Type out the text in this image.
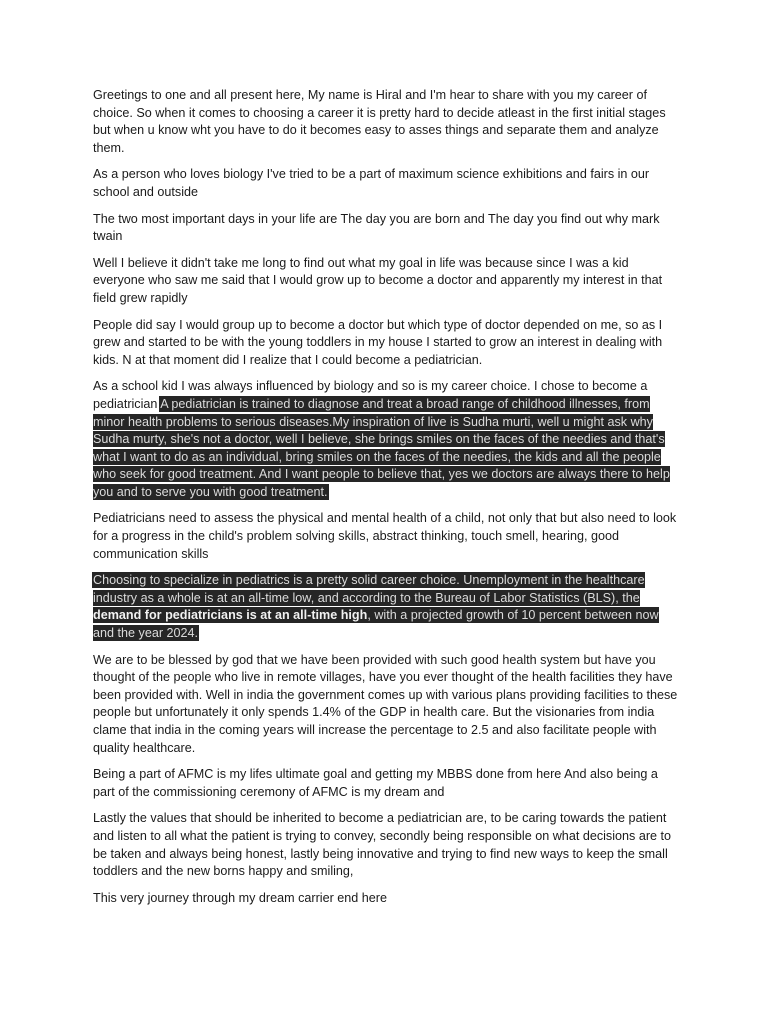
Greetings to one and all present here, My name is Hiral and I'm hear to share with you my career of choice. So when it comes to choosing a career it is pretty hard to decide atleast in the first initial stages but when u know wht you have to do it becomes easy to asses things and separate them and analyze them.

As a person who loves biology I've tried to be a part of maximum science exhibitions and fairs in our school and outside

The two most important days in your life are The day you are born and The day you find out why mark twain

Well I believe it didn't take me long to find out what my goal in life was because since I was a kid everyone who saw me said that I would grow up to become a doctor and apparently my interest in that field grew rapidly

People did say I would group up to become a doctor but which type of doctor depended on me, so as I grew and started to be with the young toddlers in my house I started to grow an interest in dealing with kids. N at that moment did I realize that I could become a pediatrician.

As a school kid I was always influenced by biology and so is my career choice. I chose to become a pediatrician A pediatrician is trained to diagnose and treat a broad range of childhood illnesses, from minor health problems to serious diseases.My inspiration of live is Sudha murti, well u might ask why Sudha murty, she's not a doctor, well I believe, she brings smiles on the faces of the needies and that's what I want to do as an individual, bring smiles on the faces of the needies, the kids and all the people who seek for good treatment. And I want people to believe that, yes we doctors are always there to help you and to serve you with good treatment.

Pediatricians need to assess the physical and mental health of a child, not only that but also need to look for a progress in the child's problem solving skills, abstract thinking, touch smell, hearing, good communication skills

Choosing to specialize in pediatrics is a pretty solid career choice. Unemployment in the healthcare industry as a whole is at an all-time low, and according to the Bureau of Labor Statistics (BLS), the demand for pediatricians is at an all-time high, with a projected growth of 10 percent between now and the year 2024.

We are to be blessed by god that we have been provided with such good health system but have you thought of the people who live in remote villages, have you ever thought of the health facilities they have been provided with. Well in india the government comes up with various plans providing facilities to these people but unfortunately it only spends 1.4% of the GDP in health care. But the visionaries from india clame that india in the coming years will increase the percentage to 2.5 and also facilitate people with quality healthcare.

Being a part of AFMC is my lifes ultimate goal and getting my MBBS done from here And also being a part of the commissioning ceremony of AFMC is my dream and

Lastly the values that should be inherited to become a pediatrician are, to be caring towards the patient and listen to all what the patient is trying to convey, secondly being responsible on what decisions are to be taken and always being honest, lastly being innovative and trying to find new ways to keep the small toddlers and the new borns happy and smiling,

This very journey through my dream carrier end here
